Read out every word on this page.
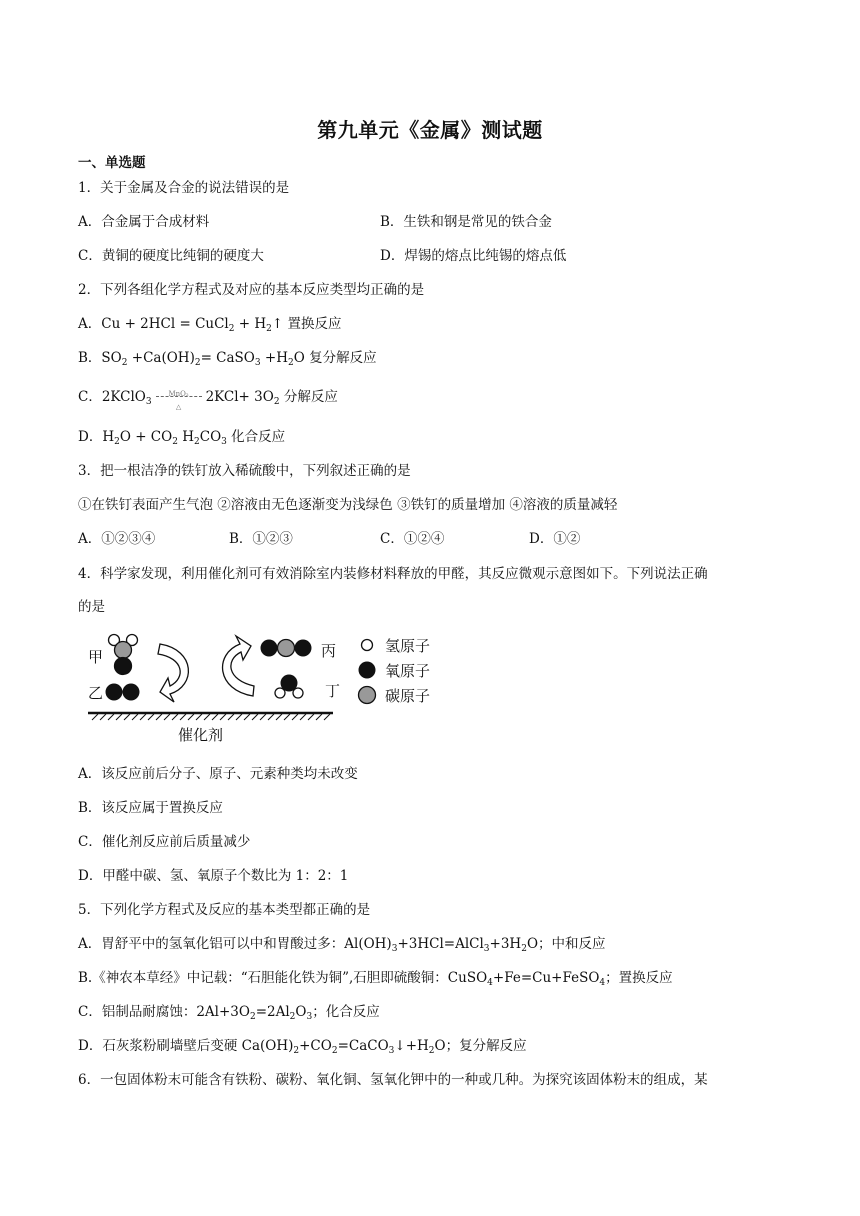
第九单元《金属》测试题
一、单选题
1．关于金属及合金的说法错误的是
A．合金属于合成材料	B．生铁和钢是常见的铁合金
C．黄铜的硬度比纯铜的硬度大	D．焊锡的熔点比纯锡的熔点低
2．下列各组化学方程式及对应的基本反应类型均正确的是
A．Cu + 2HCl = CuCl$_2$ + $H_2↑$ 置换反应
B．$SO_2 +Ca(OH)_2=$ CaSO$_3$ $+H_2O$ 复分解反应
C．2KClO$_3$
MnO₂
△
$2KCl+ 3O_2$ 分解反应
D．$H_2O + CO_2$ $H_2CO_3$ 化合反应
3．把一根洁净的铁钉放入稀硫酸中，下列叙述正确的是
①在铁钉表面产生气泡 ②溶液由无色逐渐变为浅绿色 ③铁钉的质量增加 ④溶液的质量减轻
A．①②③④	B．①②③	C．①②④	D．①②
4．科学家发现，利用催化剂可有效消除室内装修材料释放的甲醛，其反应微观示意图如下。下列说法正确
的是
甲
乙
丙
丁
氢原子
氧原子
碳原子
催化剂
A．该反应前后分子、原子、元素种类均未改变
B．该反应属于置换反应
C．催化剂反应前后质量减少
D．甲醛中碳、氢、氧原子个数比为 1：2：1
5．下列化学方程式及反应的基本类型都正确的是
A．胃舒平中的氢氧化铝可以中和胃酸过多：$Al(OH)_3+3HCl=AlCl_3+3H_2O$；中和反应
B.《神农本草经》中记载：“石胆能化铁为铜”,石胆即硫酸铜：CuSO$_4$+Fe=Cu+FeSO$_4$；置换反应
C．铝制品耐腐蚀：$2Al+3O_2=2Al_2O_3$；化合反应
D．石灰浆粉刷墙壁后变硬 $Ca(OH)_2+CO_2=CaCO_3↓+H_2O$；复分解反应
6．一包固体粉末可能含有铁粉、碳粉、氧化铜、氢氧化钾中的一种或几种。为探究该固体粉末的组成，某
